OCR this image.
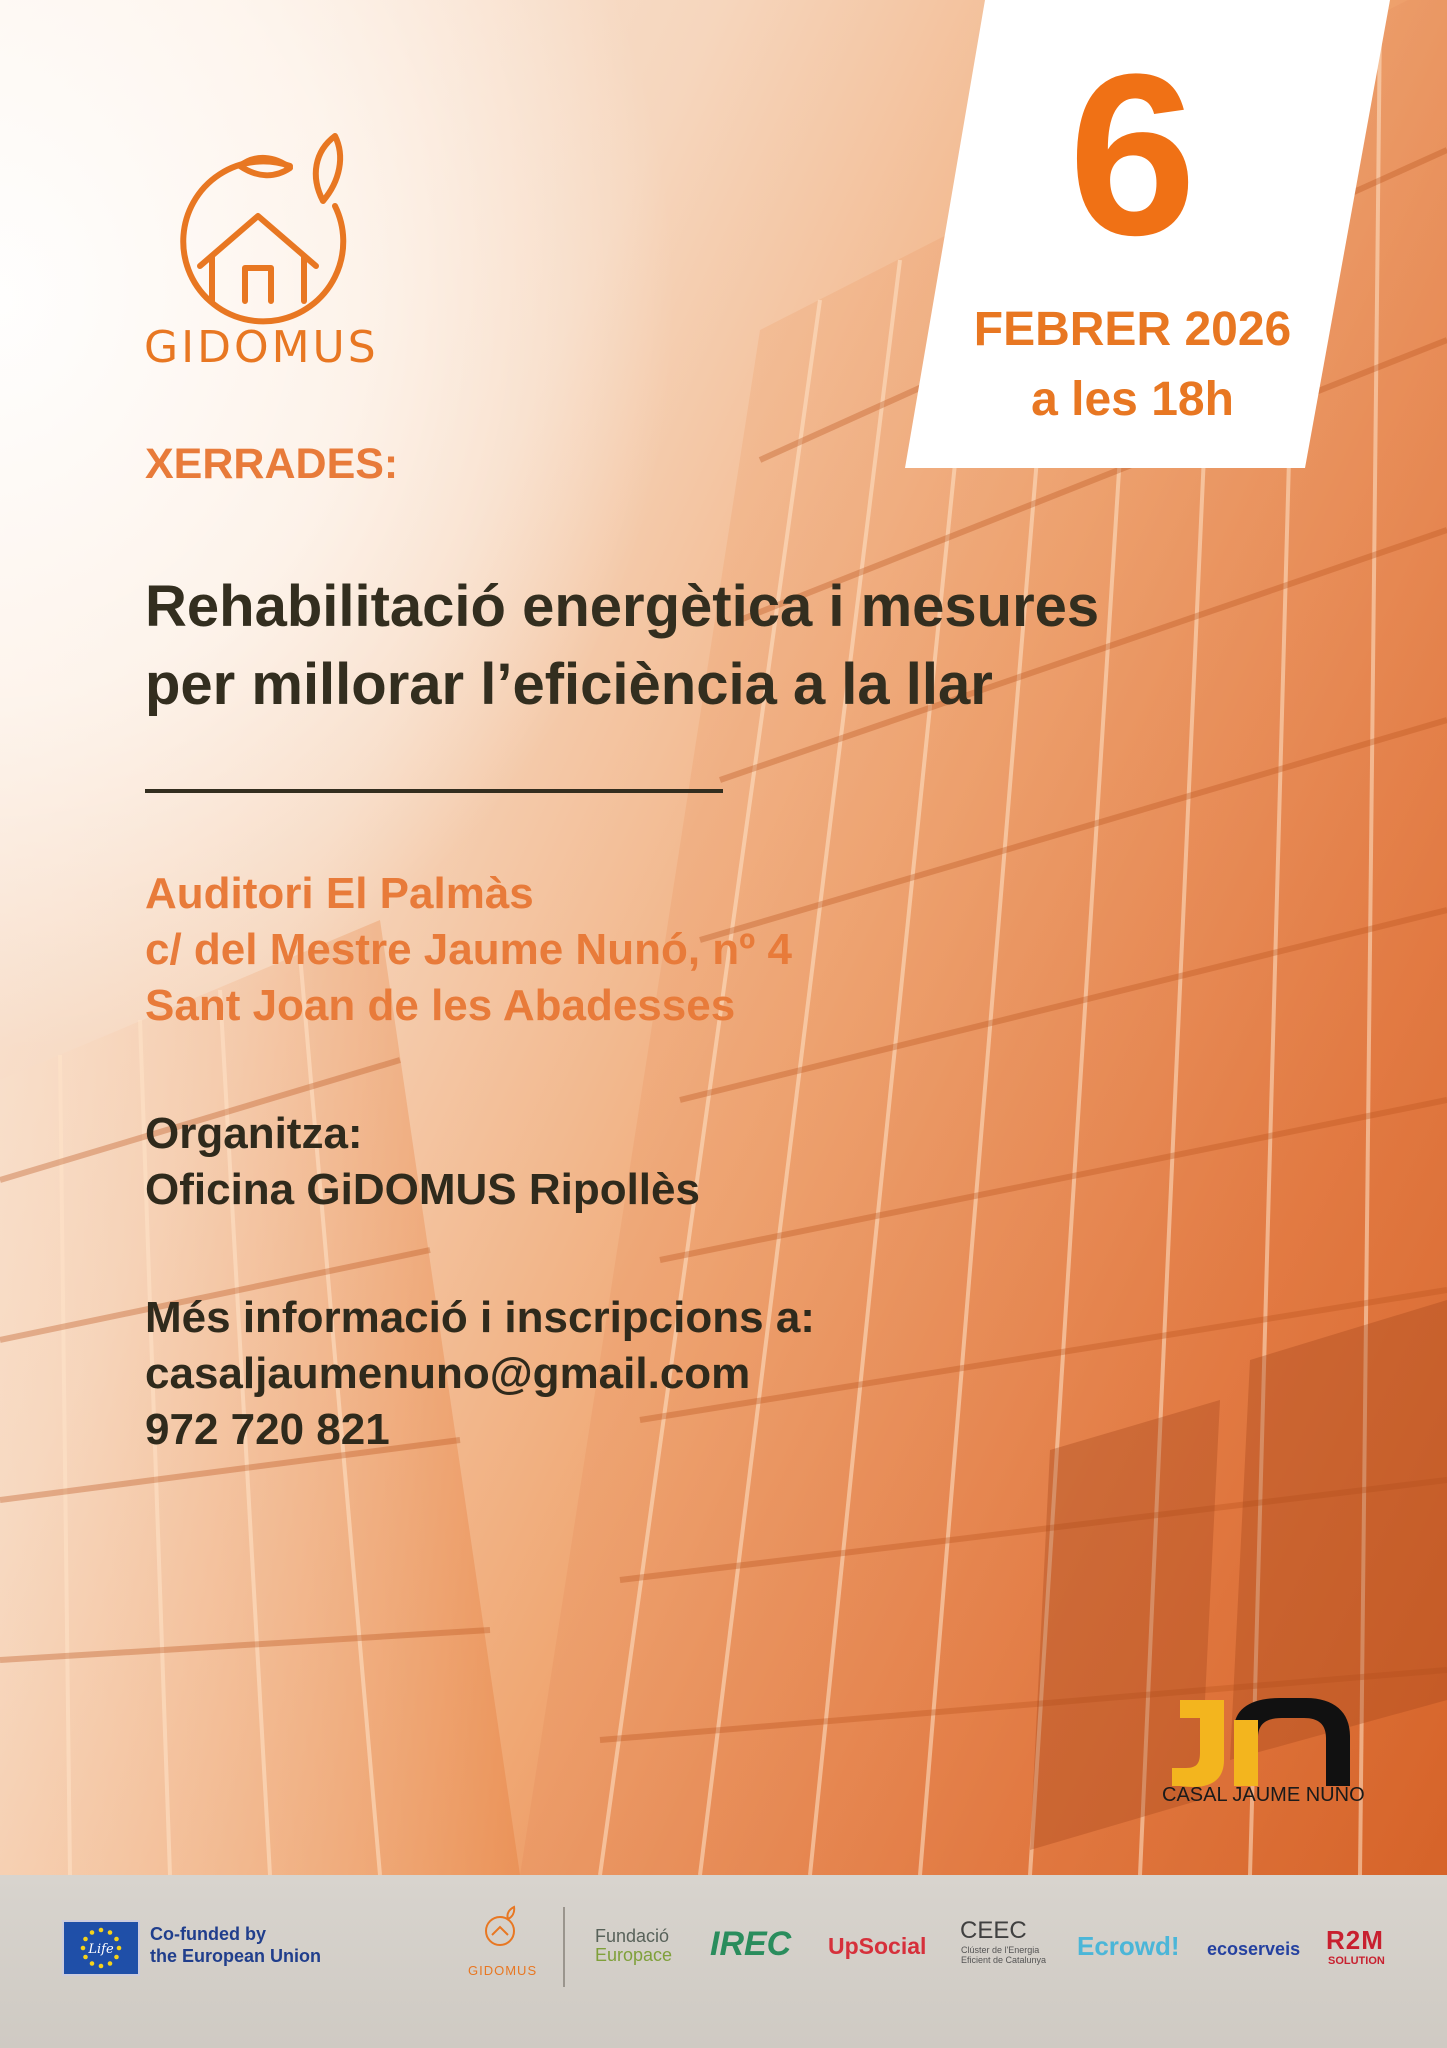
GIDOMUS
6
FEBRER 2026
a les 18h
XERRADES:
Rehabilitació energètica i mesures
per millorar l’eficiència a la llar
Auditori El Palmàs
c/ del Mestre Jaume Nunó, nº 4
Sant Joan de les Abadesses
Organitza:
Oficina GiDOMUS Ripollès
Més informació i inscripcions a:
casaljaumenuno@gmail.com
972 720 821
CASAL JAUME NUNO
Life
Co-funded by
the European Union
GIDOMUS
Fundació
Europace IREC UpSocial
CEEC
Clúster de l'Energia
Eficient de Catalunya Ecrowd! ecoserveis R2M
SOLUTION
